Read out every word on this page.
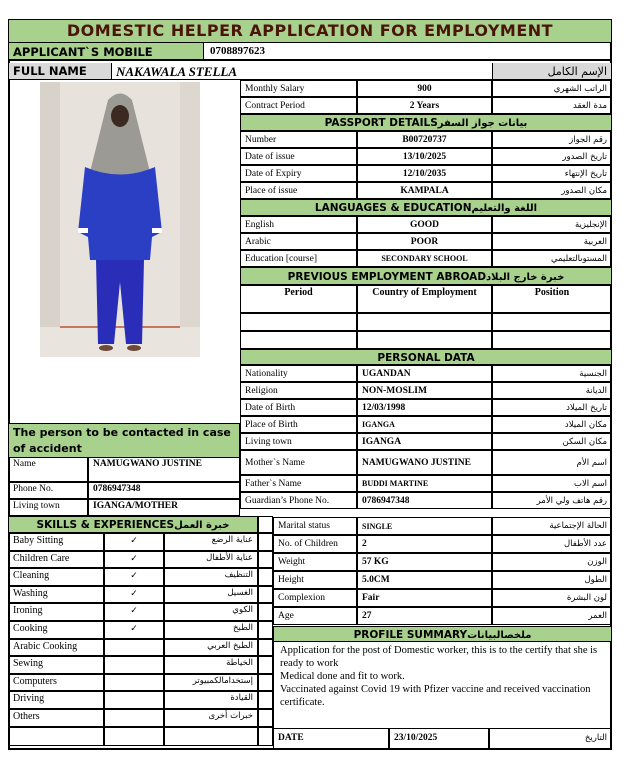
DOMESTIC HELPER APPLICATION FOR EMPLOYMENT
APPLICANT`S MOBILE	0708897623
FULL NAME	NAKAWALA STELLA	الإسم الكامل
The person to be contacted in case of accident
PROFILE SUMMARYملخصالبيانات
Application for the post of Domestic worker, this is to the certify that she is ready to work
Medical done and fit to work.
Vaccinated against Covid 19 with Pfizer vaccine and received vaccination certificate.
DATE	23/10/2025	التاريخ
Monthly Salary	900	الراتب الشهري
Contract Period	2 Years	مدة العقد
PASSPORT DETAILSبيانات جواز السفر
Number	B00720737	رقم الجواز
Date of issue	13/10/2025	تاريخ الصدور
Date of Expiry	12/10/2035	تاريخ الإنتهاء
Place of issue	KAMPALA	مكان الصدور
LANGUAGES & EDUCATIONاللغة والتعليم
English	GOOD	الإنجليزية
Arabic	POOR	العربية
Education [course]	SECONDARY SCHOOL	المستوىالتعليمي
PREVIOUS EMPLOYMENT ABROADخبرة خارج البلاد
Period	Country of Employment	Position
PERSONAL DATA
Nationality	UGANDAN	الجنسية
Religion	NON-MOSLIM	الديانة
Date of Birth	12/03/1998	تاريخ الميلاد
Place of Birth	IGANGA	مكان الميلاد
Living town	IGANGA	مكان السكن
Mother`s Name	NAMUGWANO JUSTINE	اسم الأم
Father`s Name	BUDDI MARTINE	اسم الاب
Guardian’s Phone No.	0786947348	رقم هاتف ولي الأمر
Name	NAMUGWANO JUSTINE
Phone No.	0786947348
Living town	IGANGA/MOTHER
SKILLS & EXPERIENCESخبرة العمل
Baby Sitting	✓	عناية الرضع
Children Care	✓	عناية الأطفال
Cleaning	✓	التنظيف
Washing	✓	الغسيل
Ironing	✓	الكوي
Cooking	✓	الطبخ
Arabic Cooking	الطبخ العربي
Sewing	الخياطة
Computers	إستخدامالكمبيوتر
Driving	القيادة
Others	خبرات أخرى
Marital status	SINGLE	الحالة الإجتماعية
No. of Children	2	عدد الأطفال
Weight	57 KG	الوزن
Height	5.0CM	الطول
Complexion	Fair	لون البشرة
Age	27	العمر
